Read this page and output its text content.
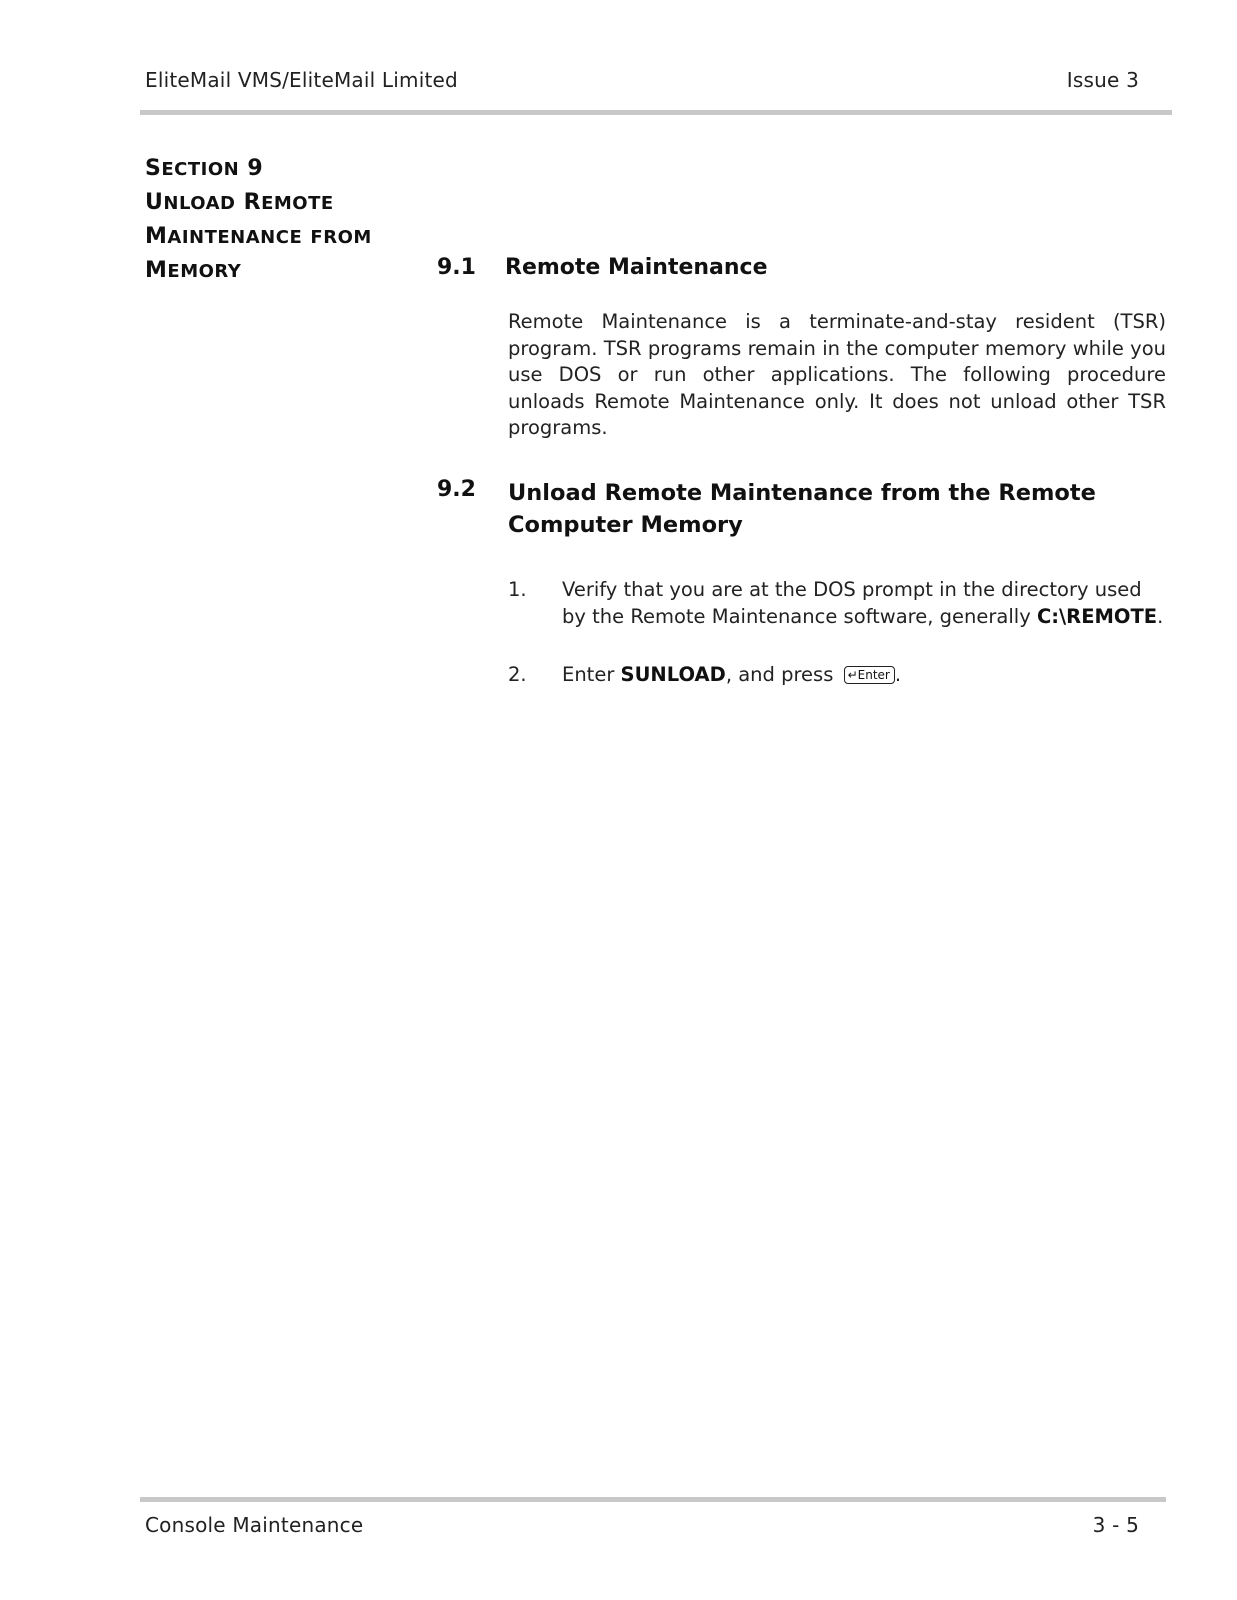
EliteMail VMS/EliteMail Limited	Issue 3
SECTION 9
UNLOAD REMOTE
MAINTENANCE FROM
MEMORY	9.1 Remote Maintenance
Remote Maintenance is a terminate-and-stay resident (TSR) program. TSR programs remain in the computer memory while you use DOS or run other applications. The following procedure unloads Remote Maintenance only. It does not unload other TSR programs.
9.2 Unload Remote Maintenance from the Remote Computer Memory
1. Verify that you are at the DOS prompt in the directory used by the Remote Maintenance software, generally C:\REMOTE.
2. Enter SUNLOAD, and press ↵Enter .
Console Maintenance	3 - 5
